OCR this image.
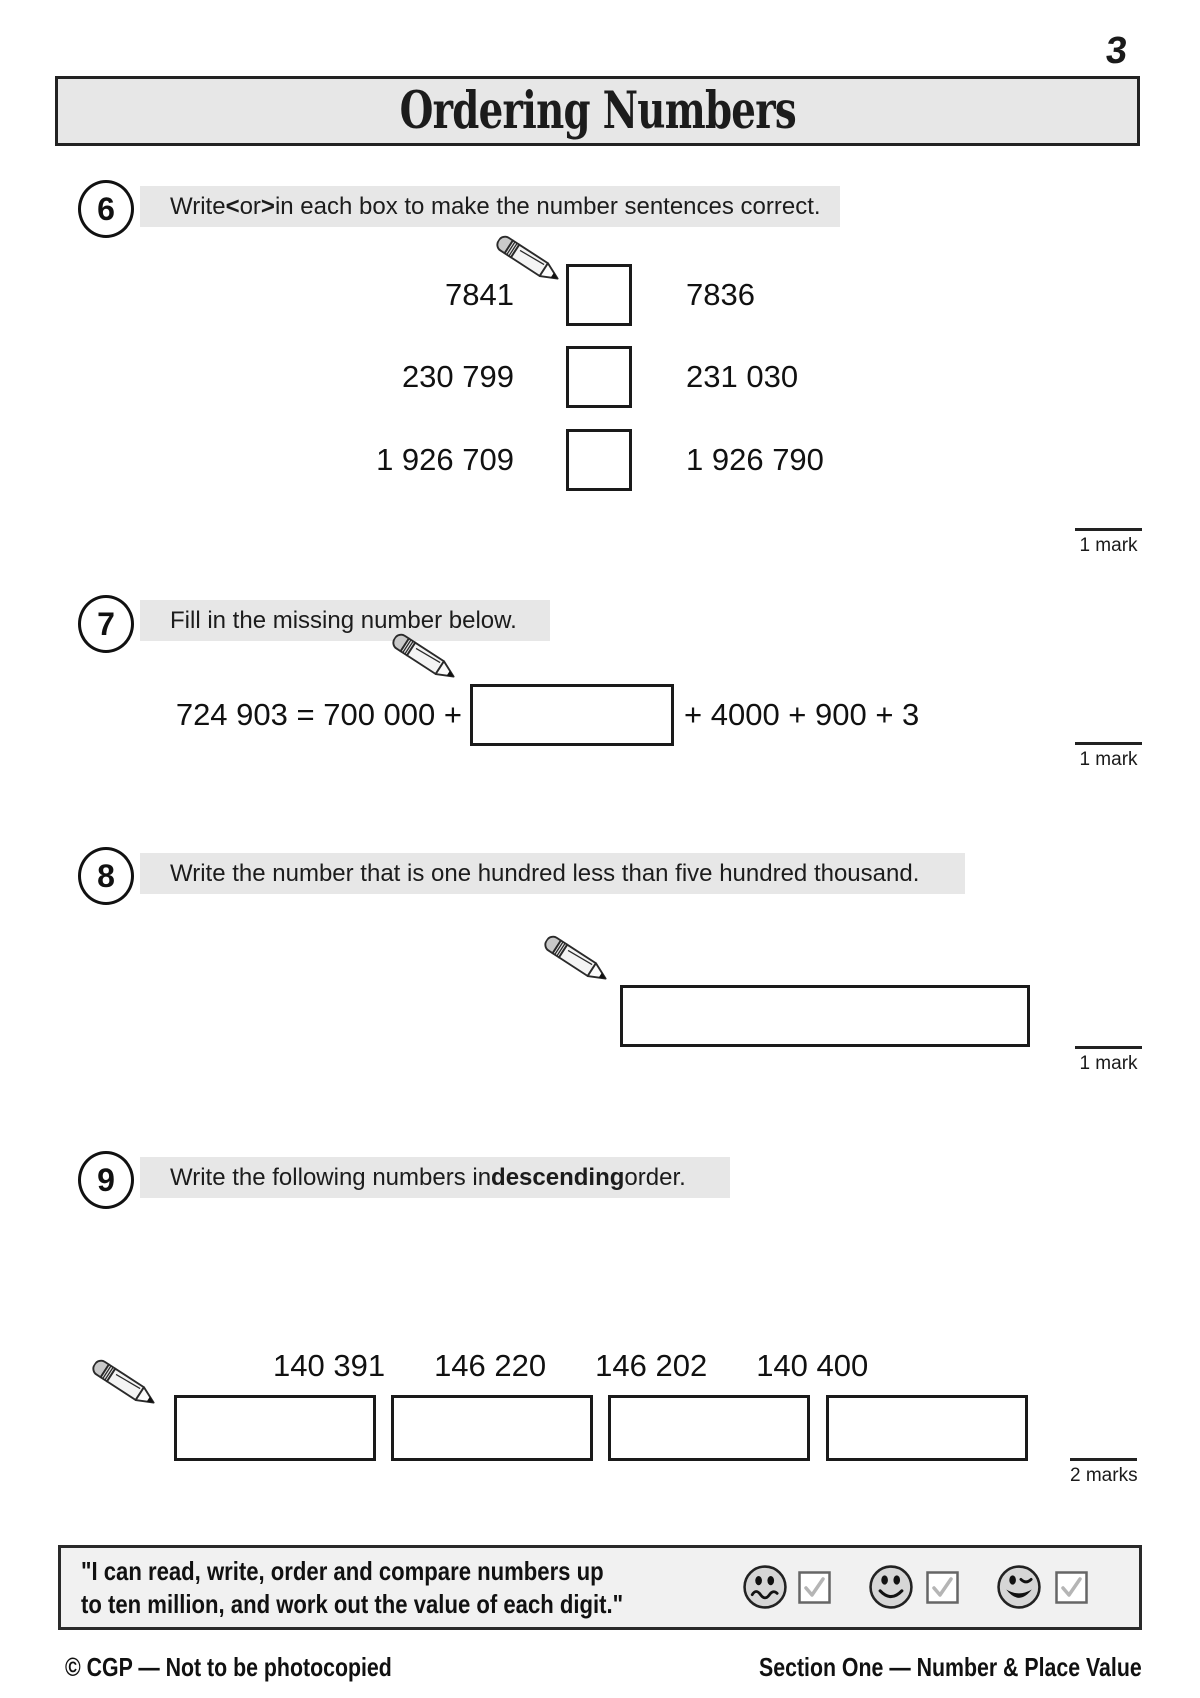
3
Ordering Numbers
6 Write < or > in each box to make the number sentences correct.
7841	7836
230 799	231 030
1 926 709	1 926 790
1 mark
7 Fill in the missing number below.
724 903 = 700 000 +	+ 4000 + 900 + 3
1 mark
8 Write the number that is one hundred less than five hundred thousand.
1 mark
9 Write the following numbers in descending order.
140 391 146 220 146 202 140 400
2 marks
"I can read, write, order and compare numbers up
to ten million, and work out the value of each digit."
© CGP — Not to be photocopied	Section One — Number & Place Value
